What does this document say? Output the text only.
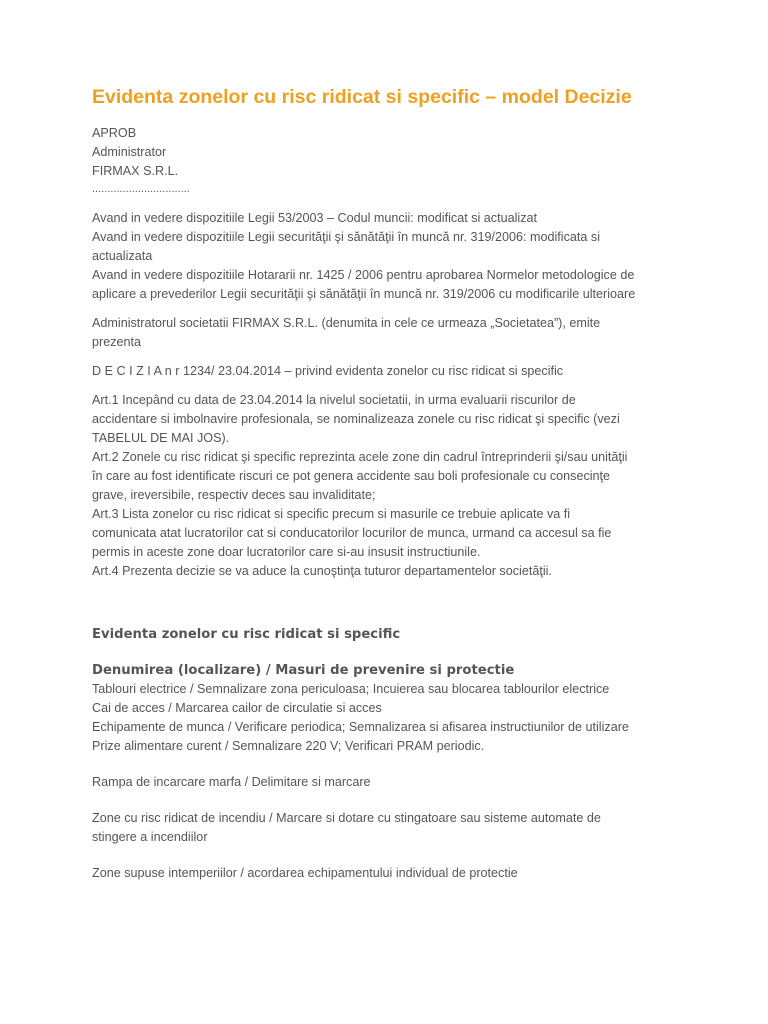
Evidenta zonelor cu risc ridicat si specific – model Decizie
APROB
Administrator
FIRMAX S.R.L.
................................
Avand in vedere dispozitiile Legii 53/2003 – Codul muncii: modificat si actualizat
Avand in vedere dispozitiile Legii securităţii şi sănătăţii în muncă nr. 319/2006: modificata si
actualizata
Avand in vedere dispozitiile Hotararii nr. 1425 / 2006 pentru aprobarea Normelor metodologice de
aplicare a prevederilor Legii securităţii şi sănătăţii în muncă nr. 319/2006 cu modificarile ulterioare
Administratorul societatii FIRMAX S.R.L. (denumita in cele ce urmeaza „Societatea”), emite
prezenta
D E C I Z I A n r 1234/ 23.04.2014 – privind evidenta zonelor cu risc ridicat si specific
Art.1 Incepând cu data de 23.04.2014 la nivelul societatii, in urma evaluarii riscurilor de
accidentare si imbolnavire profesionala, se nominalizeaza zonele cu risc ridicat şi specific (vezi
TABELUL DE MAI JOS).
Art.2 Zonele cu risc ridicat şi specific reprezinta acele zone din cadrul întreprinderii şi/sau unităţii
în care au fost identificate riscuri ce pot genera accidente sau boli profesionale cu consecinţe
grave, ireversibile, respectiv deces sau invaliditate;
Art.3 Lista zonelor cu risc ridicat si specific precum si masurile ce trebuie aplicate va fi
comunicata atat lucratorilor cat si conducatorilor locurilor de munca, urmand ca accesul sa fie
permis in aceste zone doar lucratorilor care si-au insusit instructiunile.
Art.4 Prezenta decizie se va aduce la cunoştinţa tuturor departamentelor societăţii.
Evidenta zonelor cu risc ridicat si specific
Denumirea (localizare) / Masuri de prevenire si protectie
Tablouri electrice / Semnalizare zona periculoasa; Incuierea sau blocarea tablourilor electrice
Cai de acces / Marcarea cailor de circulatie si acces
Echipamente de munca / Verificare periodica; Semnalizarea si afisarea instructiunilor de utilizare
Prize alimentare curent / Semnalizare 220 V; Verificari PRAM periodic.
Rampa de incarcare marfa / Delimitare si marcare
Zone cu risc ridicat de incendiu / Marcare si dotare cu stingatoare sau sisteme automate de
stingere a incendiilor
Zone supuse intemperiilor / acordarea echipamentului individual de protectie
